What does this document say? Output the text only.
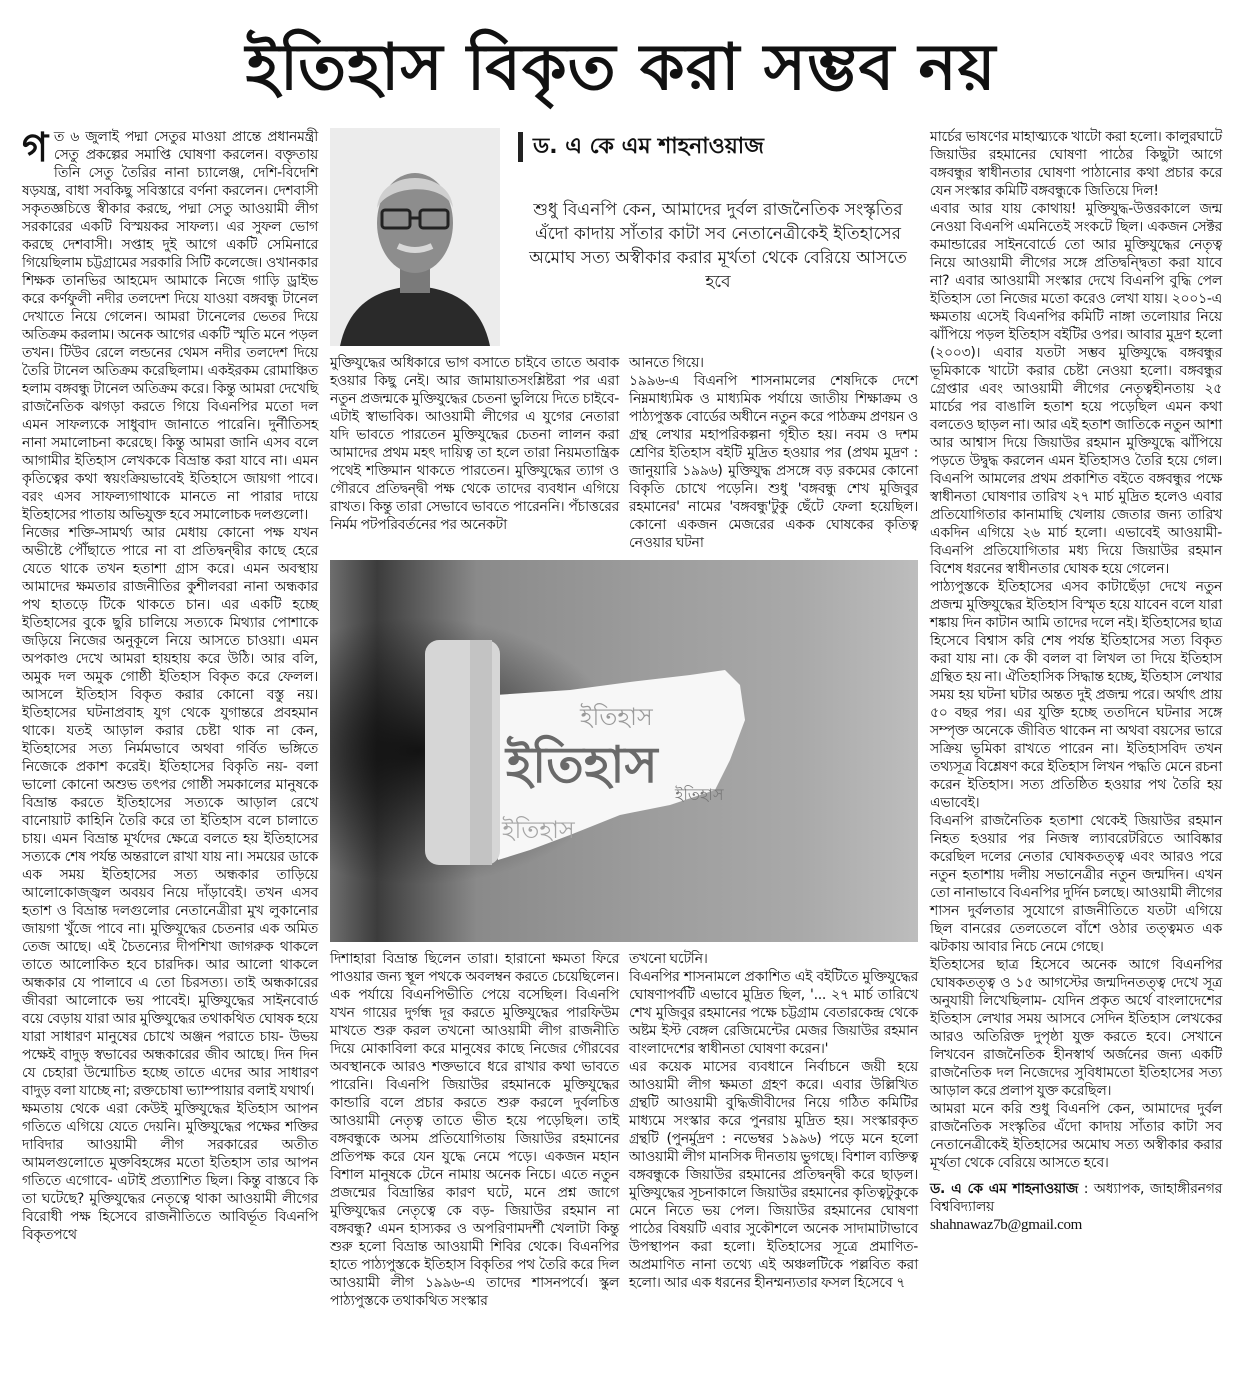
ইতিহাস বিকৃত করা সম্ভব নয়

গত ৬ জুলাই পদ্মা সেতুর মাওয়া প্রান্তে প্রধানমন্ত্রী সেতু প্রকল্পের সমাপ্তি ঘোষণা করলেন। বক্তৃতায় তিনি সেতু তৈরির নানা চ্যালেঞ্জ, দেশি-বিদেশি ষড়যন্ত্র, বাধা সবকিছু সবিস্তারে বর্ণনা করলেন। দেশবাসী সকৃতজ্ঞচিত্তে স্বীকার করছে, পদ্মা সেতু আওয়ামী লীগ সরকারের একটি বিস্ময়কর সাফল্য। এর সুফল ভোগ করছে দেশবাসী। সপ্তাহ দুই আগে একটি সেমিনারে গিয়েছিলাম চট্টগ্রামের সরকারি সিটি কলেজে। ওখানকার শিক্ষক তানভির আহমেদ আমাকে নিজে গাড়ি ড্রাইভ করে কর্ণফুলী নদীর তলদেশ দিয়ে যাওয়া বঙ্গবন্ধু টানেল দেখাতে নিয়ে গেলেন। আমরা টানেলের ভেতর দিয়ে অতিক্রম করলাম। অনেক আগের একটি স্মৃতি মনে পড়ল তখন। টিউব রেলে লন্ডনের থেমস নদীর তলদেশ দিয়ে তৈরি টানেল অতিক্রম করেছিলাম। একইরকম রোমাঞ্চিত হলাম বঙ্গবন্ধু টানেল অতিক্রম করে। কিন্তু আমরা দেখেছি রাজনৈতিক ঝগড়া করতে গিয়ে বিএনপির মতো দল এমন সাফল্যকে সাধুবাদ জানাতে পারেনি। দুর্নীতিসহ নানা সমালোচনা করেছে। কিন্তু আমরা জানি এসব বলে আগামীর ইতিহাস লেখককে বিভ্রান্ত করা যাবে না। এমন কৃতিত্বের কথা স্বয়ংক্রিয়ভাবেই ইতিহাসে জায়গা পাবে। বরং এসব সাফল্যগাথাকে মানতে না পারার দায়ে ইতিহাসের পাতায় অভিযুক্ত হবে সমালোচক দলগুলো।

নিজের শক্তি-সামর্থ্য আর মেধায় কোনো পক্ষ যখন অভীষ্টে পৌঁছাতে পারে না বা প্রতিদ্বন্দ্বীর কাছে হেরে যেতে থাকে তখন হতাশা গ্রাস করে। এমন অবস্থায় আমাদের ক্ষমতার রাজনীতির কুশীলবরা নানা অন্ধকার পথ হাতড়ে টিকে থাকতে চান। এর একটি হচ্ছে ইতিহাসের বুকে ছুরি চালিয়ে সত্যকে মিথ্যার পোশাকে জড়িয়ে নিজের অনুকূলে নিয়ে আসতে চাওয়া। এমন অপকাণ্ড দেখে আমরা হায়হায় করে উঠি। আর বলি, অমুক দল অমুক গোষ্ঠী ইতিহাস বিকৃত করে ফেলল। আসলে ইতিহাস বিকৃত করার কোনো বস্তু নয়। ইতিহাসের ঘটনাপ্রবাহ যুগ থেকে যুগান্তরে প্রবহমান থাকে। যতই আড়াল করার চেষ্টা থাক না কেন, ইতিহাসের সত্য নির্মমভাবে অথবা গর্বিত ভঙ্গিতে নিজেকে প্রকাশ করেই। ইতিহাসের বিকৃতি নয়- বলা ভালো কোনো অশুভ তৎপর গোষ্ঠী সমকালের মানুষকে বিভ্রান্ত করতে ইতিহাসের সত্যকে আড়াল রেখে বানোয়াট কাহিনি তৈরি করে তা ইতিহাস বলে চালাতে চায়। এমন বিভ্রান্ত মূর্খদের ক্ষেত্রে বলতে হয় ইতিহাসের সত্যকে শেষ পর্যন্ত অন্তরালে রাখা যায় না। সময়ের ডাকে এক সময় ইতিহাসের সত্য অন্ধকার তাড়িয়ে আলোকোজ্জ্বল অবয়ব নিয়ে দাঁড়াবেই। তখন এসব হতাশ ও বিভ্রান্ত দলগুলোর নেতানেত্রীরা মুখ লুকানোর জায়গা খুঁজে পাবে না। মুক্তিযুদ্ধের চেতনার এক অমিত তেজ আছে। এই চৈতন্যের দীপশিখা জাগরুক থাকলে তাতে আলোকিত হবে চারদিক। আর আলো থাকলে অন্ধকার যে পালাবে এ তো চিরসত্য। তাই অন্ধকারের জীবরা আলোকে ভয় পাবেই। মুক্তিযুদ্ধের সাইনবোর্ড বয়ে বেড়ায় যারা আর মুক্তিযুদ্ধের তথাকথিত ঘোষক হয়ে যারা সাধারণ মানুষের চোখে অঞ্জন পরাতে চায়- উভয় পক্ষেই বাদুড় স্বভাবের অন্ধকারের জীব আছে। দিন দিন যে চেহারা উন্মোচিত হচ্ছে তাতে এদের আর সাধারণ বাদুড় বলা যাচ্ছে না; রক্তচোষা ভ্যাম্পায়ার বলাই যথার্থ।

ক্ষমতায় থেকে এরা কেউই মুক্তিযুদ্ধের ইতিহাস আপন গতিতে এগিয়ে যেতে দেয়নি। মুক্তিযুদ্ধের পক্ষের শক্তির দাবিদার আওয়ামী লীগ সরকারের অতীত আমলগুলোতে মুক্তবিহঙ্গের মতো ইতিহাস তার আপন গতিতে এগোবে- এটাই প্রত্যাশিত ছিল। কিন্তু বাস্তবে কি তা ঘটেছে? মুক্তিযুদ্ধের নেতৃত্বে থাকা আওয়ামী লীগের বিরোধী পক্ষ হিসেবে রাজনীতিতে আবির্ভূত বিএনপি বিকৃতপথে

ড. এ কে এম শাহনাওয়াজ
শুধু বিএনপি কেন, আমাদের দুর্বল রাজনৈতিক সংস্কৃতির এঁদো কাদায় সাঁতার কাটা সব নেতানেত্রীকেই ইতিহাসের অমোঘ সত্য অস্বীকার করার মূর্খতা থেকে বেরিয়ে আসতে হবে

মুক্তিযুদ্ধের অধিকারে ভাগ বসাতে চাইবে তাতে অবাক হওয়ার কিছু নেই। আর জামায়াতসংশ্লিষ্টরা পর এরা নতুন প্রজন্মকে মুক্তিযুদ্ধের চেতনা ভুলিয়ে দিতে চাইবে- এটাই স্বাভাবিক। আওয়ামী লীগের এ যুগের নেতারা যদি ভাবতে পারতেন মুক্তিযুদ্ধের চেতনা লালন করা আমাদের প্রথম মহৎ দায়িত্ব তা হলে তারা নিয়মতান্ত্রিক পথেই শক্তিমান থাকতে পারতেন। মুক্তিযুদ্ধের ত্যাগ ও গৌরবে প্রতিদ্বন্দ্বী পক্ষ থেকে তাদের ব্যবধান এগিয়ে রাখত। কিন্তু তারা সেভাবে ভাবতে পারেননি। পঁচাত্তরের নির্মম পটপরিবর্তনের পর অনেকটা

আনতে গিয়ে।

১৯৯৬-এ বিএনপি শাসনামলের শেষদিকে দেশে নিম্নমাধ্যমিক ও মাধ্যমিক পর্যায়ে জাতীয় শিক্ষাক্রম ও পাঠ্যপুস্তক বোর্ডের অধীনে নতুন করে পাঠক্রম প্রণয়ন ও গ্রন্থ লেখার মহাপরিকল্পনা গৃহীত হয়। নবম ও দশম শ্রেণির ইতিহাস বইটি মুদ্রিত হওয়ার পর (প্রথম মুদ্রণ : জানুয়ারি ১৯৯৬) মুক্তিযুদ্ধ প্রসঙ্গে বড় রকমের কোনো বিকৃতি চোখে পড়েনি। শুধু 'বঙ্গবন্ধু শেখ মুজিবুর রহমানের' নামের 'বঙ্গবন্ধু'টুকু ছেঁটে ফেলা হয়েছিল। কোনো একজন মেজরের একক ঘোষকের কৃতিত্ব নেওয়ার ঘটনা

ইতিহাস
ইতিহাস
ইতিহাস
ইতিহাস

দিশাহারা বিভ্রান্ত ছিলেন তারা। হারানো ক্ষমতা ফিরে পাওয়ার জন্য স্থূল পথকে অবলম্বন করতে চেয়েছিলেন। এক পর্যায়ে বিএনপিভীতি পেয়ে বসেছিল। বিএনপি যখন গায়ের দুর্গন্ধ দূর করতে মুক্তিযুদ্ধের পারফিউম মাখতে শুরু করল তখনো আওয়ামী লীগ রাজনীতি দিয়ে মোকাবিলা করে মানুষের কাছে নিজের গৌরবের অবস্থানকে আরও শক্তভাবে ধরে রাখার কথা ভাবতে পারেনি। বিএনপি জিয়াউর রহমানকে মুক্তিযুদ্ধের কান্ডারি বলে প্রচার করতে শুরু করলে দুর্বলচিত্ত আওয়ামী নেতৃত্ব তাতে ভীত হয়ে পড়েছিল। তাই বঙ্গবন্ধুকে অসম প্রতিযোগিতায় জিয়াউর রহমানের প্রতিপক্ষ করে যেন যুদ্ধে নেমে পড়ে। একজন মহান বিশাল মানুষকে টেনে নামায় অনেক নিচে। এতে নতুন প্রজন্মের বিভ্রান্তির কারণ ঘটে, মনে প্রশ্ন জাগে মুক্তিযুদ্ধের নেতৃত্বে কে বড়- জিয়াউর রহমান না বঙ্গবন্ধু? এমন হাস্যকর ও অপরিণামদর্শী খেলাটা কিন্তু শুরু হলো বিভ্রান্ত আওয়ামী শিবির থেকে। বিএনপির হাতে পাঠ্যপুস্তকে ইতিহাস বিকৃতির পথ তৈরি করে দিল আওয়ামী লীগ ১৯৯৬-এ তাদের শাসনপর্বে। স্কুল পাঠ্যপুস্তকে তথাকথিত সংস্কার

তখনো ঘটেনি।

বিএনপির শাসনামলে প্রকাশিত এই বইটিতে মুক্তিযুদ্ধের ঘোষণাপর্বটি এভাবে মুদ্রিত ছিল, '... ২৭ মার্চ তারিখে শেখ মুজিবুর রহমানের পক্ষে চট্টগ্রাম বেতারকেন্দ্র থেকে অষ্টম ইস্ট বেঙ্গল রেজিমেন্টের মেজর জিয়াউর রহমান বাংলাদেশের স্বাধীনতা ঘোষণা করেন।'

এর কয়েক মাসের ব্যবধানে নির্বাচনে জয়ী হয়ে আওয়ামী লীগ ক্ষমতা গ্রহণ করে। এবার উল্লিখিত গ্রন্থটি আওয়ামী বুদ্ধিজীবীদের নিয়ে গঠিত কমিটির মাধ্যমে সংস্কার করে পুনরায় মুদ্রিত হয়। সংস্কারকৃত গ্রন্থটি (পুনর্মুদ্রণ : নভেম্বর ১৯৯৬) পড়ে মনে হলো আওয়ামী লীগ মানসিক দীনতায় ভুগছে। বিশাল ব্যক্তিত্ব বঙ্গবন্ধুকে জিয়াউর রহমানের প্রতিদ্বন্দ্বী করে ছাড়ল। মুক্তিযুদ্ধের সূচনাকালে জিয়াউর রহমানের কৃতিত্বটুকুকে মেনে নিতে ভয় পেল। জিয়াউর রহমানের ঘোষণা পাঠের বিষয়টি এবার সুকৌশলে অনেক সাদামাটাভাবে উপস্থাপন করা হলো। ইতিহাসের সূত্রে প্রমাণিত-অপ্রমাণিত নানা তথ্যে এই অঞ্চলটিকে পল্লবিত করা হলো। আর এক ধরনের হীনম্মন্যতার ফসল হিসেবে ৭

মার্চের ভাষণের মাহাত্ম্যকে খাটো করা হলো। কালুরঘাটে জিয়াউর রহমানের ঘোষণা পাঠের কিছুটা আগে বঙ্গবন্ধুর স্বাধীনতার ঘোষণা পাঠানোর কথা প্রচার করে যেন সংস্কার কমিটি বঙ্গবন্ধুকে জিতিয়ে দিল!

এবার আর যায় কোথায়! মুক্তিযুদ্ধ-উত্তরকালে জন্ম নেওয়া বিএনপি এমনিতেই সংকটে ছিল। একজন সেক্টর কমান্ডারের সাইনবোর্ডে তো আর মুক্তিযুদ্ধের নেতৃত্ব নিয়ে আওয়ামী লীগের সঙ্গে প্রতিদ্বন্দ্বিতা করা যাবে না? এবার আওয়ামী সংস্কার দেখে বিএনপি বুদ্ধি পেল ইতিহাস তো নিজের মতো করেও লেখা যায়। ২০০১-এ ক্ষমতায় এসেই বিএনপির কমিটি নাঙ্গা তলোয়ার নিয়ে ঝাঁপিয়ে পড়ল ইতিহাস বইটির ওপর। আবার মুদ্রণ হলো (২০০৩)। এবার যতটা সম্ভব মুক্তিযুদ্ধে বঙ্গবন্ধুর ভূমিকাকে খাটো করার চেষ্টা নেওয়া হলো। বঙ্গবন্ধুর গ্রেপ্তার এবং আওয়ামী লীগের নেতৃত্বহীনতায় ২৫ মার্চের পর বাঙালি হতাশ হয়ে পড়েছিল এমন কথা বলতেও ছাড়ল না। আর এই হতাশ জাতিকে নতুন আশা আর আশ্বাস দিয়ে জিয়াউর রহমান মুক্তিযুদ্ধে ঝাঁপিয়ে পড়তে উদ্বুদ্ধ করলেন এমন ইতিহাসও তৈরি হয়ে গেল। বিএনপি আমলের প্রথম প্রকাশিত বইতে বঙ্গবন্ধুর পক্ষে স্বাধীনতা ঘোষণার তারিখ ২৭ মার্চ মুদ্রিত হলেও এবার প্রতিযোগিতার কানামাছি খেলায় জেতার জন্য তারিখ একদিন এগিয়ে ২৬ মার্চ হলো। এভাবেই আওয়ামী-বিএনপি প্রতিযোগিতার মধ্য দিয়ে জিয়াউর রহমান বিশেষ ধরনের স্বাধীনতার ঘোষক হয়ে গেলেন।

পাঠ্যপুস্তকে ইতিহাসের এসব কাটাছেঁড়া দেখে নতুন প্রজন্ম মুক্তিযুদ্ধের ইতিহাস বিস্মৃত হয়ে যাবেন বলে যারা শঙ্কায় দিন কাটান আমি তাদের দলে নই। ইতিহাসের ছাত্র হিসেবে বিশ্বাস করি শেষ পর্যন্ত ইতিহাসের সত্য বিকৃত করা যায় না। কে কী বলল বা লিখল তা দিয়ে ইতিহাস গ্রন্থিত হয় না। ঐতিহাসিক সিদ্ধান্ত হচ্ছে, ইতিহাস লেখার সময় হয় ঘটনা ঘটার অন্তত দুই প্রজন্ম পরে। অর্থাৎ প্রায় ৫০ বছর পর। এর যুক্তি হচ্ছে ততদিনে ঘটনার সঙ্গে সম্পৃক্ত অনেকে জীবিত থাকেন না অথবা বয়সের ভারে সক্রিয় ভূমিকা রাখতে পারেন না। ইতিহাসবিদ তখন তথ্যসূত্র বিশ্লেষণ করে ইতিহাস লিখন পদ্ধতি মেনে রচনা করেন ইতিহাস। সত্য প্রতিষ্ঠিত হওয়ার পথ তৈরি হয় এভাবেই।

বিএনপি রাজনৈতিক হতাশা থেকেই জিয়াউর রহমান নিহত হওয়ার পর নিজস্ব ল্যাবরেটরিতে আবিষ্কার করেছিল দলের নেতার ঘোষকতত্ত্ব এবং আরও পরে নতুন হতাশায় দলীয় সভানেত্রীর নতুন জন্মদিন। এখন তো নানাভাবে বিএনপির দুর্দিন চলছে। আওয়ামী লীগের শাসন দুর্বলতার সুযোগে রাজনীতিতে যতটা এগিয়ে ছিল বানরের তেলতেলে বাঁশে ওঠার তত্ত্বমত এক ঝটকায় আবার নিচে নেমে গেছে।

ইতিহাসের ছাত্র হিসেবে অনেক আগে বিএনপির ঘোষকতত্ত্ব ও ১৫ আগস্টের জন্মদিনতত্ত্ব দেখে সূত্র অনুযায়ী লিখেছিলাম- যেদিন প্রকৃত অর্থে বাংলাদেশের ইতিহাস লেখার সময় আসবে সেদিন ইতিহাস লেখকের আরও অতিরিক্ত দুপৃষ্ঠা যুক্ত করতে হবে। সেখানে লিখবেন রাজনৈতিক হীনস্বার্থ অর্জনের জন্য একটি রাজনৈতিক দল নিজেদের সুবিধামতো ইতিহাসের সত্য আড়াল করে প্রলাপ যুক্ত করেছিল।

আমরা মনে করি শুধু বিএনপি কেন, আমাদের দুর্বল রাজনৈতিক সংস্কৃতির এঁদো কাদায় সাঁতার কাটা সব নেতানেত্রীকেই ইতিহাসের অমোঘ সত্য অস্বীকার করার মূর্খতা থেকে বেরিয়ে আসতে হবে।

ড. এ কে এম শাহনাওয়াজ : অধ্যাপক, জাহাঙ্গীরনগর বিশ্ববিদ্যালয়
shahnawaz7b@gmail.com
